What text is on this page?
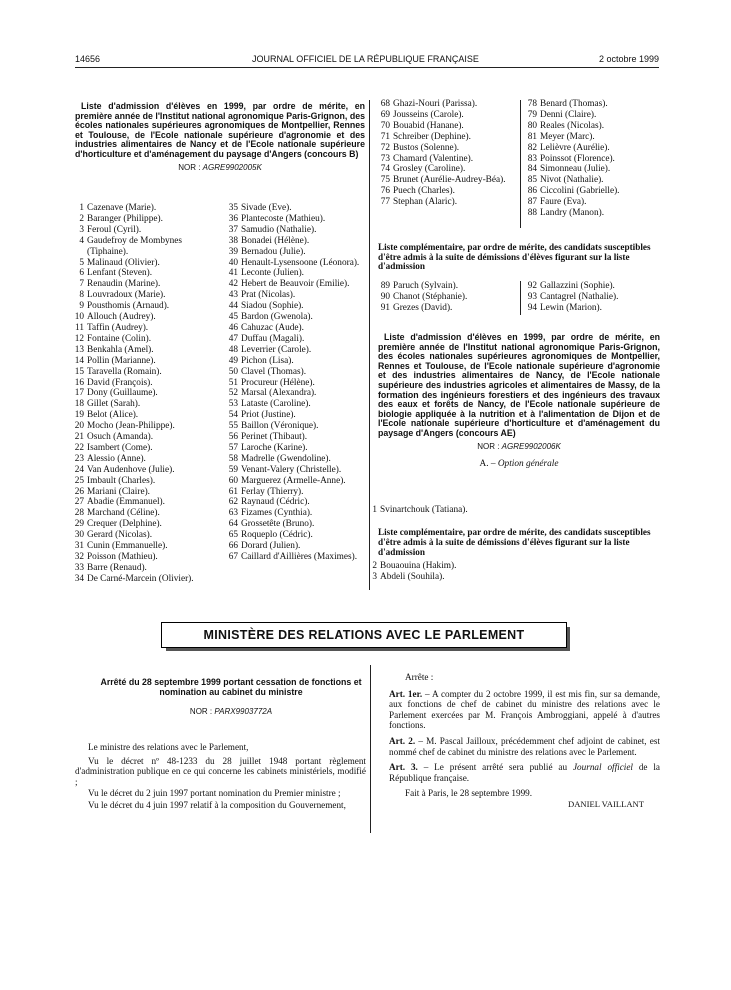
14656	JOURNAL OFFICIEL DE LA RÉPUBLIQUE FRANÇAISE	2 octobre 1999
Liste d'admission d'élèves en 1999, par ordre de mérite, en première année de l'Institut national agronomique Paris-Grignon, des écoles nationales supérieures agronomiques de Montpellier, Rennes et Toulouse, de l'Ecole nationale supérieure d'agronomie et des industries alimentaires de Nancy et de l'Ecole nationale supérieure d'horticulture et d'aménagement du paysage d'Angers (concours B)
NOR : AGRE9902005K
1 Cazenave (Marie).
2 Baranger (Philippe).
3 Feroul (Cyril).
4 Gaudefroy de Mombynes (Tiphaine).
5 Malinaud (Olivier).
6 Lenfant (Steven).
7 Renaudin (Marine).
8 Louvradoux (Marie).
9 Pousthomis (Arnaud).
10 Allouch (Audrey).
11 Taffin (Audrey).
12 Fontaine (Colin).
13 Benkahla (Amel).
14 Pollin (Marianne).
15 Taravella (Romain).
16 David (François).
17 Dony (Guillaume).
18 Gillet (Sarah).
19 Belot (Alice).
20 Mocho (Jean-Philippe).
21 Osuch (Amanda).
22 Isambert (Come).
23 Alessio (Anne).
24 Van Audenhove (Julie).
25 Imbault (Charles).
26 Mariani (Claire).
27 Abadie (Emmanuel).
28 Marchand (Céline).
29 Crequer (Delphine).
30 Gerard (Nicolas).
31 Cunin (Emmanuelle).
32 Poisson (Mathieu).
33 Barre (Renaud).
34 De Carné-Marcein (Olivier).
35 Sivade (Eve).
36 Plantecoste (Mathieu).
37 Samudio (Nathalie).
38 Bonadei (Hélène).
39 Bernadou (Julie).
40 Henault-Lysensoone (Léonora).
41 Leconte (Julien).
42 Hebert de Beauvoir (Emilie).
43 Prat (Nicolas).
44 Siadou (Sophie).
45 Bardon (Gwenola).
46 Cahuzac (Aude).
47 Duffau (Magali).
48 Leverrier (Carole).
49 Pichon (Lisa).
50 Clavel (Thomas).
51 Procureur (Hélène).
52 Marsal (Alexandra).
53 Lataste (Caroline).
54 Priot (Justine).
55 Baillon (Véronique).
56 Perinet (Thibaut).
57 Laroche (Karine).
58 Madrelle (Gwendoline).
59 Venant-Valery (Christelle).
60 Marguerez (Armelle-Anne).
61 Ferlay (Thierry).
62 Raynaud (Cédric).
63 Fizames (Cynthia).
64 Grossetête (Bruno).
65 Roqueplo (Cédric).
66 Dorard (Julien).
67 Caillard d'Aillières (Maximes).
68 Ghazi-Nouri (Parissa).
69 Jousseins (Carole).
70 Bouabid (Hanane).
71 Schreiber (Dephine).
72 Bustos (Solenne).
73 Chamard (Valentine).
74 Grosley (Caroline).
75 Brunet (Aurélie-Audrey-Béa).
76 Puech (Charles).
77 Stephan (Alaric).
78 Benard (Thomas).
79 Denni (Claire).
80 Reales (Nicolas).
81 Meyer (Marc).
82 Lelièvre (Aurélie).
83 Poinssot (Florence).
84 Simonneau (Julie).
85 Nivot (Nathalie).
86 Ciccolini (Gabrielle).
87 Faure (Eva).
88 Landry (Manon).
Liste complémentaire, par ordre de mérite, des candidats susceptibles d'être admis à la suite de démissions d'élèves figurant sur la liste d'admission
89 Paruch (Sylvain).
90 Chanot (Stéphanie).
91 Grezes (David).
92 Gallazzini (Sophie).
93 Cantagrel (Nathalie).
94 Lewin (Marion).
Liste d'admission d'élèves en 1999, par ordre de mérite, en première année de l'Institut national agronomique Paris-Grignon, des écoles nationales supérieures agronomiques de Montpellier, Rennes et Toulouse, de l'Ecole nationale supérieure d'agronomie et des industries alimentaires de Nancy, de l'Ecole nationale supérieure des industries agricoles et alimentaires de Massy, de la formation des ingénieurs forestiers et des ingénieurs des travaux des eaux et forêts de Nancy, de l'Ecole nationale supérieure de biologie appliquée à la nutrition et à l'alimentation de Dijon et de l'Ecole nationale supérieure d'horticulture et d'aménagement du paysage d'Angers (concours AE)
NOR : AGRE9902006K
A. – Option générale
1 Svinartchouk (Tatiana).
Liste complémentaire, par ordre de mérite, des candidats susceptibles d'être admis à la suite de démissions d'élèves figurant sur la liste d'admission
2 Bouaouina (Hakim).
3 Abdeli (Souhila).
MINISTÈRE DES RELATIONS AVEC LE PARLEMENT
Arrêté du 28 septembre 1999 portant cessation de fonctions et nomination au cabinet du ministre
NOR : PARX9903772A
Le ministre des relations avec le Parlement,
Vu le décret nº 48-1233 du 28 juillet 1948 portant règlement d'administration publique en ce qui concerne les cabinets ministériels, modifié ;
Vu le décret du 2 juin 1997 portant nomination du Premier ministre ;
Vu le décret du 4 juin 1997 relatif à la composition du Gouvernement,
Arrête :
Art. 1er. – A compter du 2 octobre 1999, il est mis fin, sur sa demande, aux fonctions de chef de cabinet du ministre des relations avec le Parlement exercées par M. François Ambroggiani, appelé à d'autres fonctions.
Art. 2. – M. Pascal Jailloux, précédemment chef adjoint de cabinet, est nommé chef de cabinet du ministre des relations avec le Parlement.
Art. 3. – Le présent arrêté sera publié au Journal officiel de la République française.
Fait à Paris, le 28 septembre 1999.
DANIEL VAILLANT
